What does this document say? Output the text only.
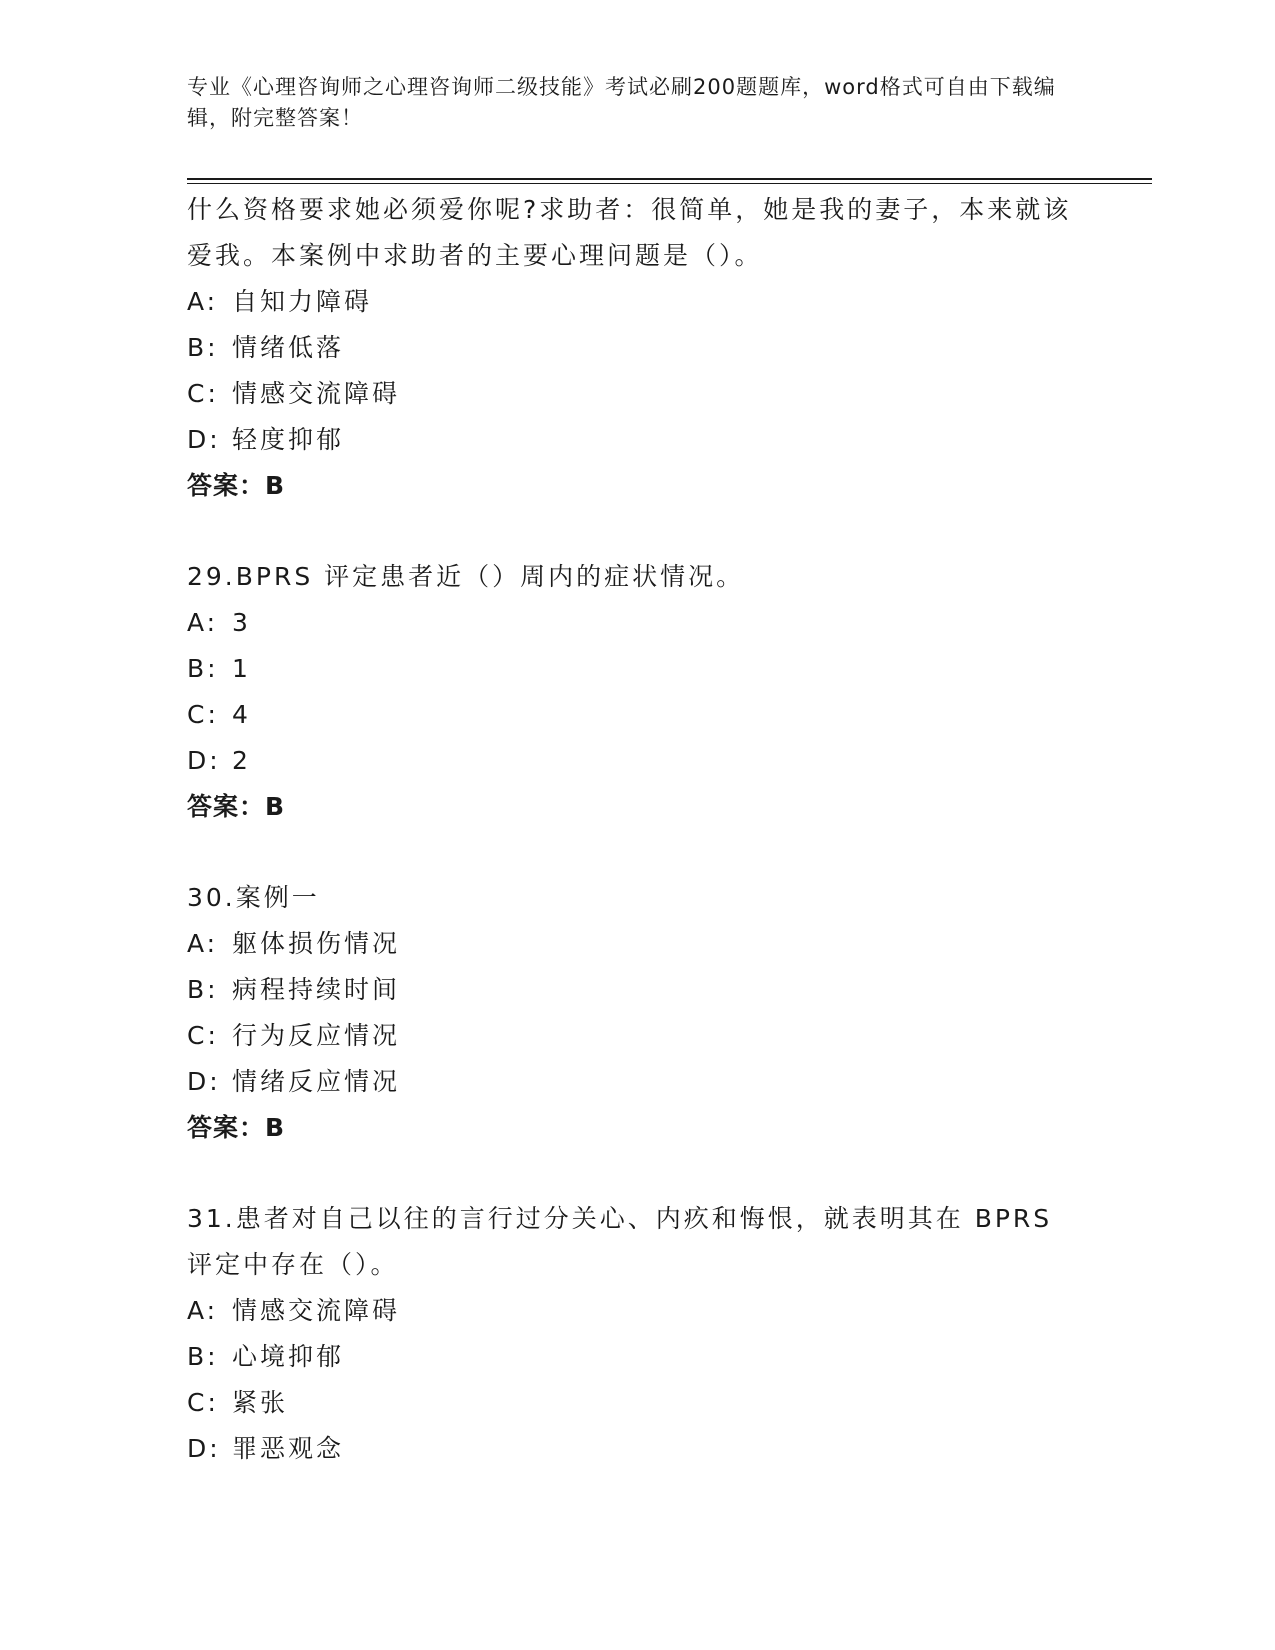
专业《心理咨询师之心理咨询师二级技能》考试必刷200题题库，word格式可自由下载编辑，附完整答案！
什么资格要求她必须爱你呢?求助者：很简单，她是我的妻子，本来就该爱我。本案例中求助者的主要心理问题是（）。
A: 自知力障碍
B: 情绪低落
C: 情感交流障碍
D: 轻度抑郁
答案：B
29.BPRS 评定患者近（）周内的症状情况。
A: 3
B: 1
C: 4
D: 2
答案：B
30.案例一
A: 躯体损伤情况
B: 病程持续时间
C: 行为反应情况
D: 情绪反应情况
答案：B
31.患者对自己以往的言行过分关心、内疚和悔恨，就表明其在 BPRS 评定中存在（）。
A: 情感交流障碍
B: 心境抑郁
C: 紧张
D: 罪恶观念
